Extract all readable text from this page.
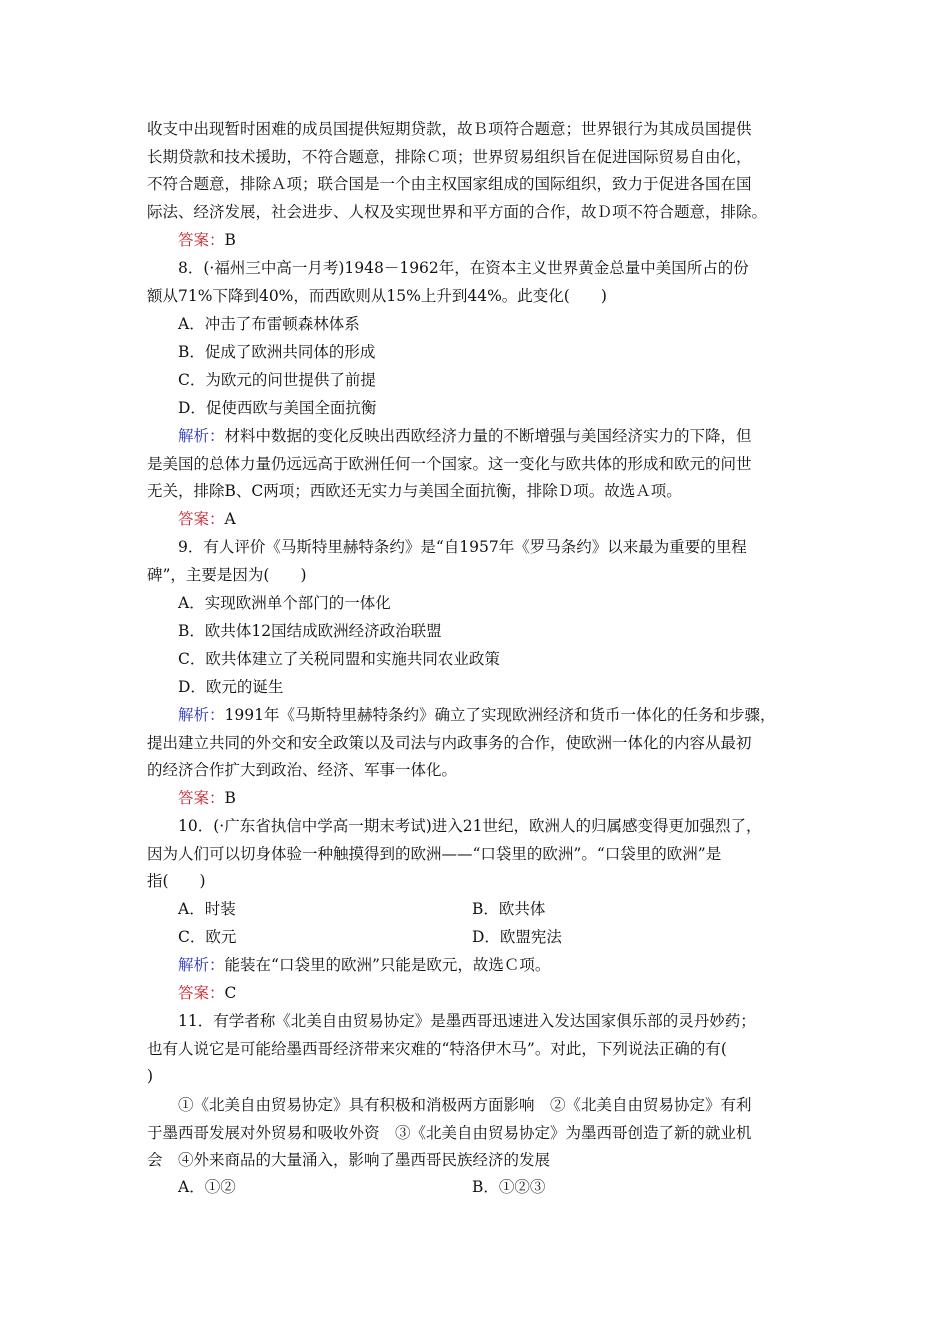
收支中出现暂时困难的成员国提供短期贷款，故Ｂ项符合题意；世界银行为其成员国提供
长期贷款和技术援助，不符合题意，排除Ｃ项；世界贸易组织旨在促进国际贸易自由化，
不符合题意，排除Ａ项；联合国是一个由主权国家组成的国际组织，致力于促进各国在国
际法、经济发展，社会进步、人权及实现世界和平方面的合作，故Ｄ项不符合题意，排除。
答案：B
8．(·福州三中高一月考)1948－1962年，在资本主义世界黄金总量中美国所占的份
额从71%下降到40%，而西欧则从15%上升到44%。此变化(　　)
A．冲击了布雷顿森林体系
B．促成了欧洲共同体的形成
C．为欧元的问世提供了前提
D．促使西欧与美国全面抗衡
解析：材料中数据的变化反映出西欧经济力量的不断增强与美国经济实力的下降，但
是美国的总体力量仍远远高于欧洲任何一个国家。这一变化与欧共体的形成和欧元的问世
无关，排除B、C两项；西欧还无实力与美国全面抗衡，排除Ｄ项。故选Ａ项。
答案：A
9．有人评价《马斯特里赫特条约》是“自1957年《罗马条约》以来最为重要的里程
碑”，主要是因为(　　)
A．实现欧洲单个部门的一体化
B．欧共体12国结成欧洲经济政治联盟
C．欧共体建立了关税同盟和实施共同农业政策
D．欧元的诞生
解析：1991年《马斯特里赫特条约》确立了实现欧洲经济和货币一体化的任务和步骤，
提出建立共同的外交和安全政策以及司法与内政事务的合作，使欧洲一体化的内容从最初
的经济合作扩大到政治、经济、军事一体化。
答案：B
10．(·广东省执信中学高一期末考试)进入21世纪，欧洲人的归属感变得更加强烈了，
因为人们可以切身体验一种触摸得到的欧洲——“口袋里的欧洲”。“口袋里的欧洲”是
指(　　)
A．时装	B．欧共体
C．欧元	D．欧盟宪法
解析：能装在“口袋里的欧洲”只能是欧元，故选Ｃ项。
答案：C
11．有学者称《北美自由贸易协定》是墨西哥迅速进入发达国家俱乐部的灵丹妙药；
也有人说它是可能给墨西哥经济带来灾难的“特洛伊木马”。对此，下列说法正确的有(
)
①《北美自由贸易协定》具有积极和消极两方面影响　②《北美自由贸易协定》有利
于墨西哥发展对外贸易和吸收外资　③《北美自由贸易协定》为墨西哥创造了新的就业机
会　④外来商品的大量涌入，影响了墨西哥民族经济的发展
A．①②	B．①②③
